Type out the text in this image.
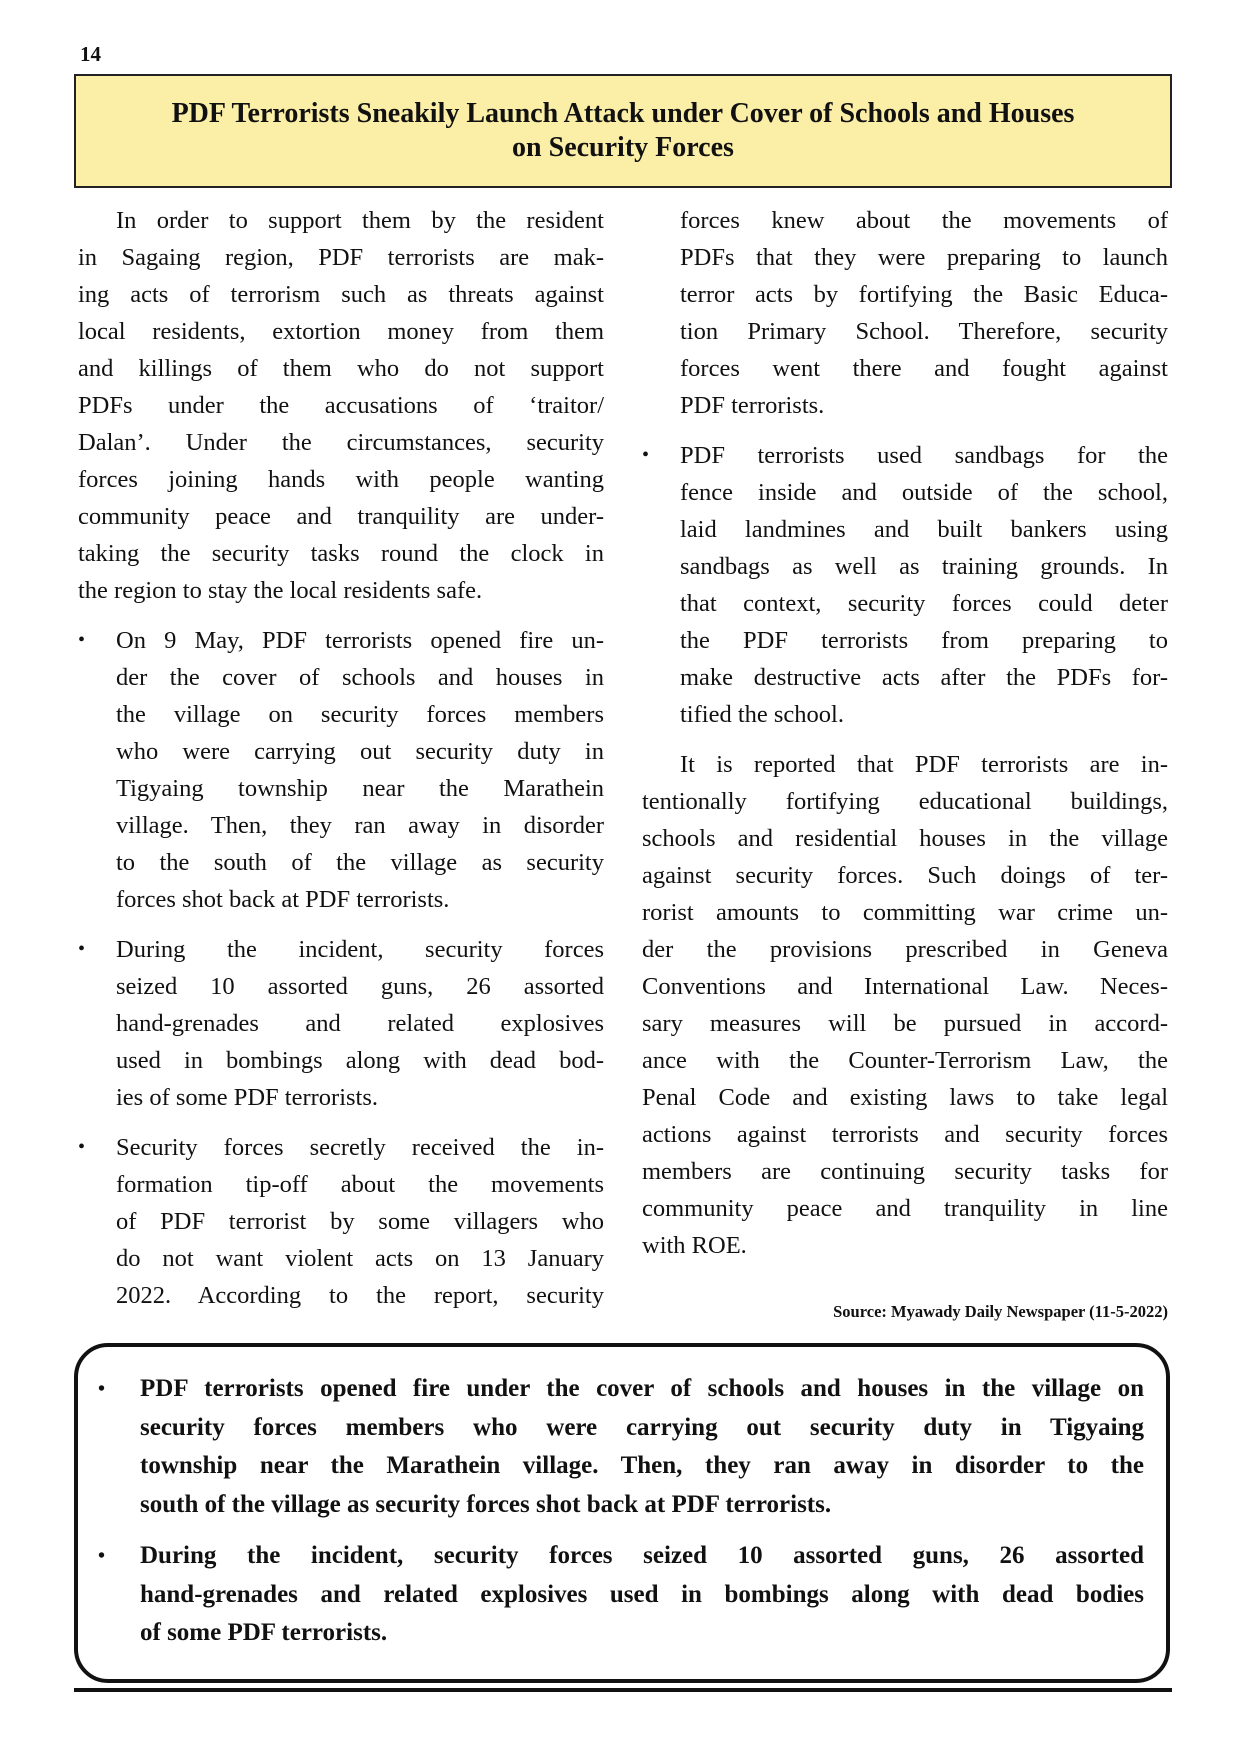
14
PDF Terrorists Sneakily Launch Attack under Cover of Schools and Houses
on Security Forces

In order to support them by the resident

in Sagaing region, PDF terrorists are mak-

ing acts of terrorism such as threats against

local residents, extortion money from them

and killings of them who do not support

PDFs under the accusations of ‘traitor/

Dalan’. Under the circumstances, security

forces joining hands with people wanting

community peace and tranquility are under-

taking the security tasks round the clock in

the region to stay the local residents safe.

• On 9 May, PDF terrorists opened fire un-

der the cover of schools and houses in

the village on security forces members

who were carrying out security duty in

Tigyaing township near the Marathein

village. Then, they ran away in disorder

to the south of the village as security

forces shot back at PDF terrorists.

• During the incident, security forces

seized 10 assorted guns, 26 assorted

hand-grenades and related explosives

used in bombings along with dead bod-

ies of some PDF terrorists.

• Security forces secretly received the in-

formation tip-off about the movements

of PDF terrorist by some villagers who

do not want violent acts on 13 January

2022. According to the report, security

forces knew about the movements of

PDFs that they were preparing to launch

terror acts by fortifying the Basic Educa-

tion Primary School. Therefore, security

forces went there and fought against

PDF terrorists.

• PDF terrorists used sandbags for the

fence inside and outside of the school,

laid landmines and built bankers using

sandbags as well as training grounds. In

that context, security forces could deter

the PDF terrorists from preparing to

make destructive acts after the PDFs for-

tified the school.

It is reported that PDF terrorists are in-

tentionally fortifying educational buildings,

schools and residential houses in the village

against security forces. Such doings of ter-

rorist amounts to committing war crime un-

der the provisions prescribed in Geneva

Conventions and International Law. Neces-

sary measures will be pursued in accord-

ance with the Counter-Terrorism Law, the

Penal Code and existing laws to take legal

actions against terrorists and security forces

members are continuing security tasks for

community peace and tranquility in line

with ROE.

Source: Myawady Daily Newspaper (11-5-2022)
• PDF terrorists opened fire under the cover of schools and houses in the village on

security forces members who were carrying out security duty in Tigyaing

township near the Marathein village. Then, they ran away in disorder to the

south of the village as security forces shot back at PDF terrorists.

• During the incident, security forces seized 10 assorted guns, 26 assorted

hand-grenades and related explosives used in bombings along with dead bodies

of some PDF terrorists.
